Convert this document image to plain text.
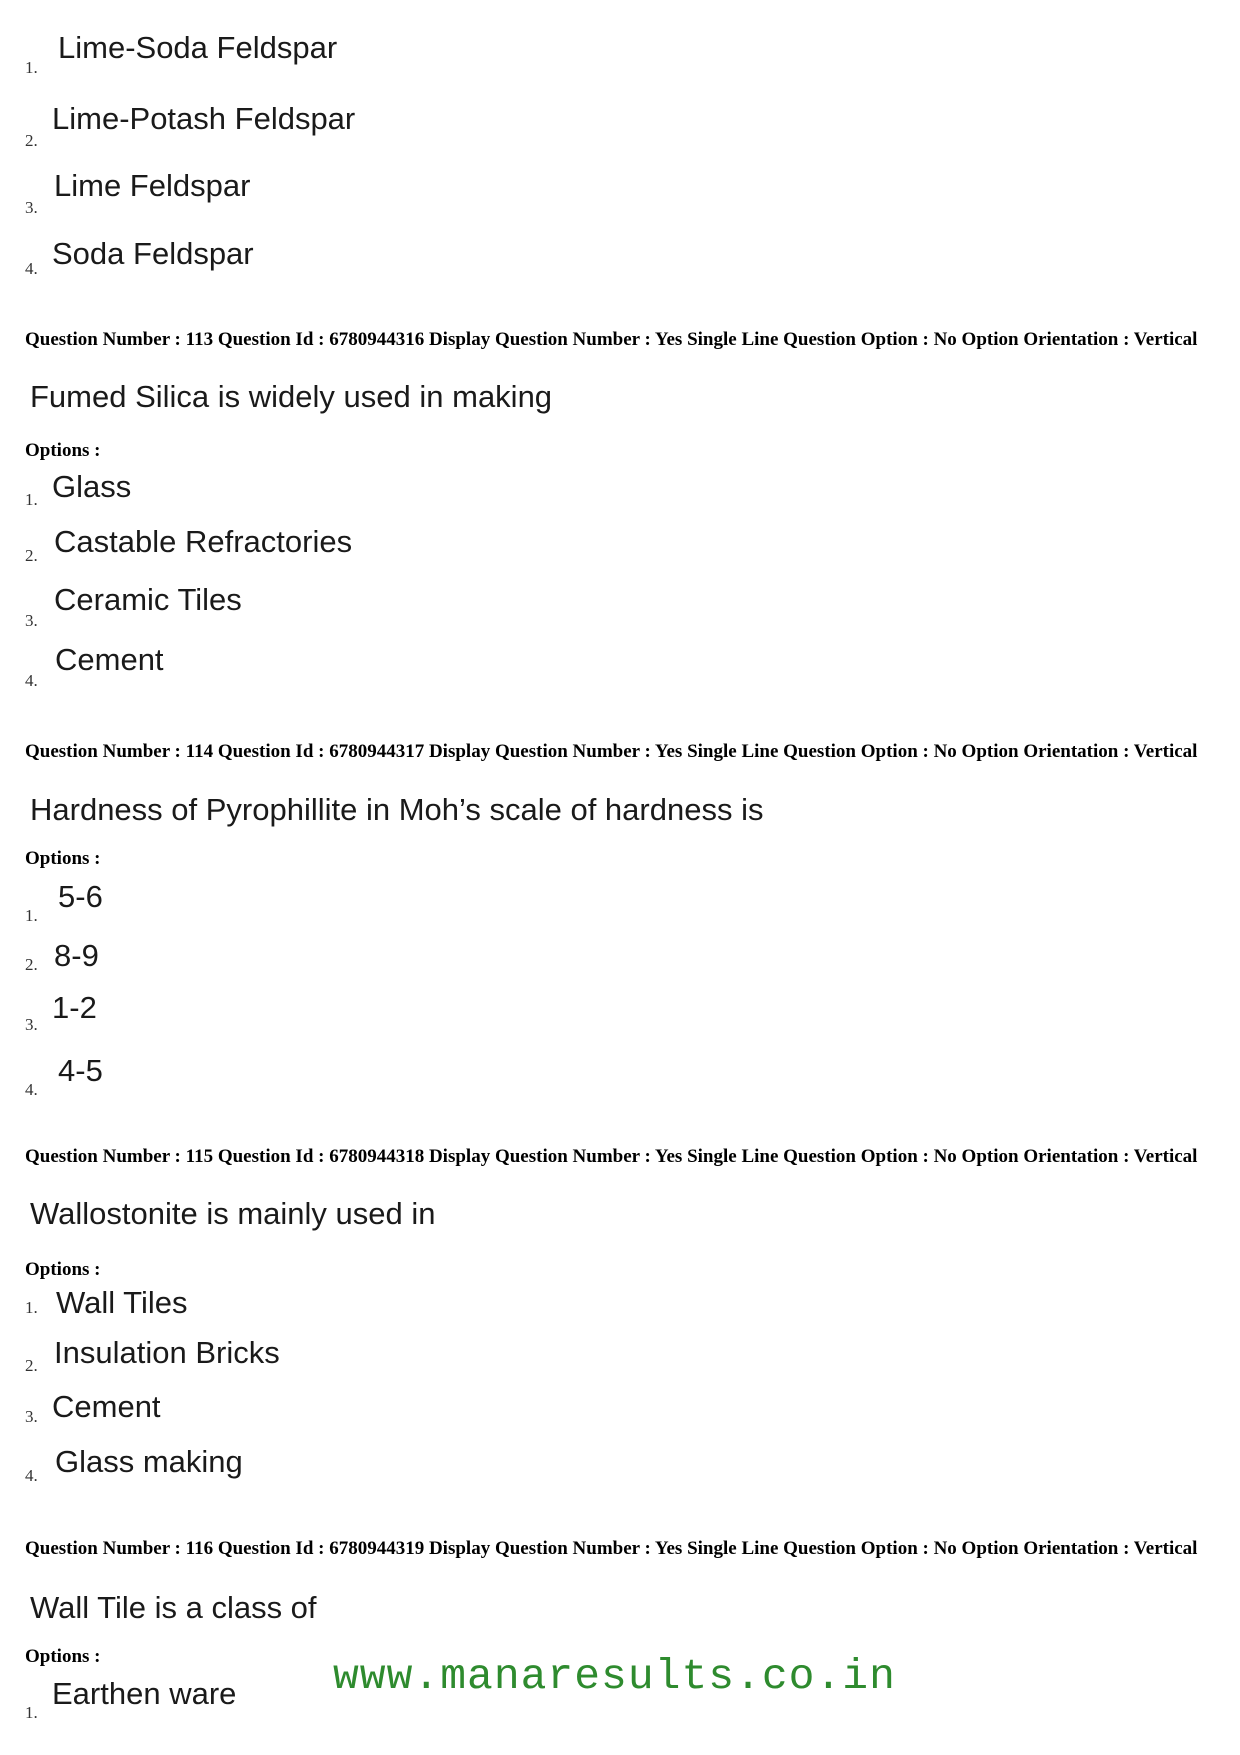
1.
Lime-Soda Feldspar
2.
Lime-Potash Feldspar
3.
Lime Feldspar
4. Soda Feldspar
Question Number : 113 Question Id : 6780944316 Display Question Number : Yes Single Line Question Option : No Option Orientation : Vertical
Fumed Silica is widely used in making
Options :
1. Glass
2. Castable Refractories
3.
Ceramic Tiles
4.
Cement
Question Number : 114 Question Id : 6780944317 Display Question Number : Yes Single Line Question Option : No Option Orientation : Vertical
Hardness of Pyrophillite in Moh’s scale of hardness is
Options :
1.
5-6
2. 8-9
3. 1-2
4.
4-5
Question Number : 115 Question Id : 6780944318 Display Question Number : Yes Single Line Question Option : No Option Orientation : Vertical
Wallostonite is mainly used in
Options :
1. Wall Tiles
2. Insulation Bricks
3. Cement
4. Glass making
Question Number : 116 Question Id : 6780944319 Display Question Number : Yes Single Line Question Option : No Option Orientation : Vertical
Wall Tile is a class of
Options :
1.
Earthen ware www.manaresults.co.in
